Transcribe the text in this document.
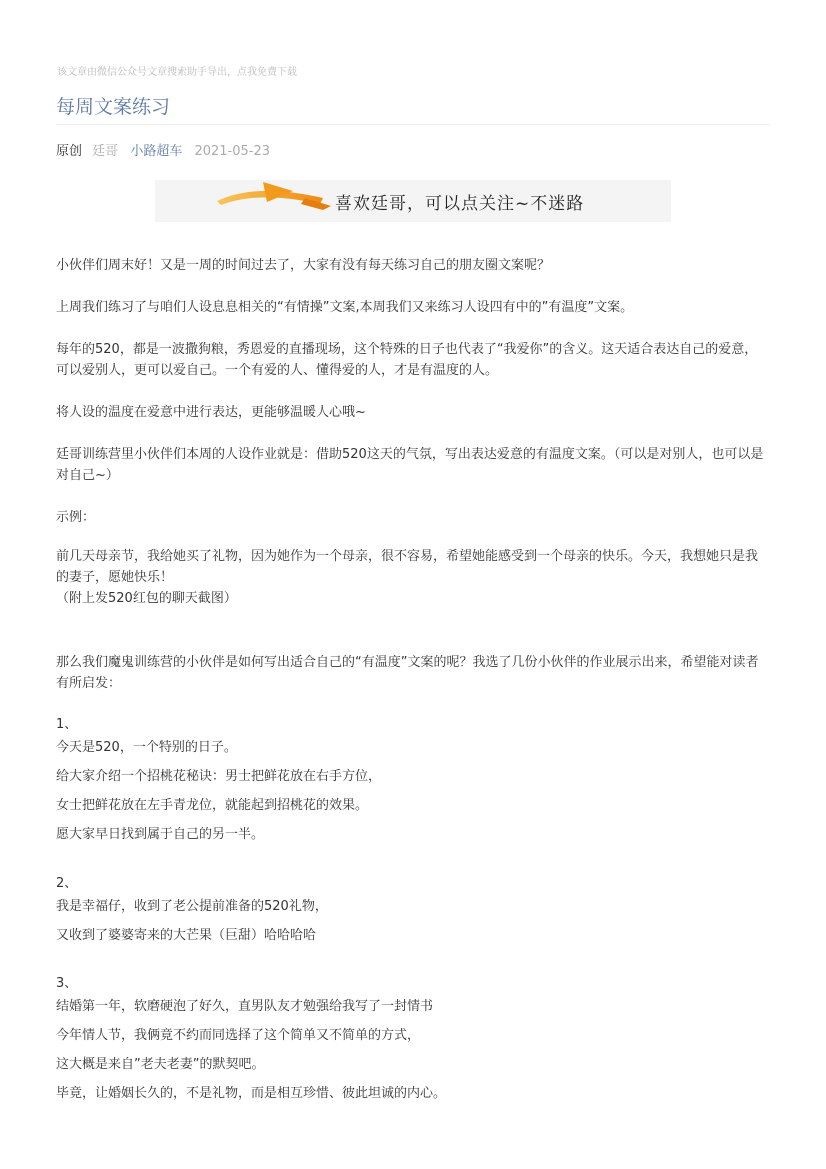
该文章由微信公众号文章搜索助手导出，点我免费下载
每周文案练习
原创 廷哥 小路超车 2021-05-23
喜欢廷哥，可以点关注~不迷路

小伙伴们周末好！又是一周的时间过去了，大家有没有每天练习自己的朋友圈文案呢？

上周我们练习了与咱们人设息息相关的“有情操”文案,本周我们又来练习人设四有中的”有温度”文案。

每年的520，都是一波撒狗粮，秀恩爱的直播现场，这个特殊的日子也代表了“我爱你”的含义。这天适合表达自己的爱意，可以爱别人，更可以爱自己。一个有爱的人、懂得爱的人，才是有温度的人。

将人设的温度在爱意中进行表达，更能够温暖人心哦~

廷哥训练营里小伙伴们本周的人设作业就是：借助520这天的气氛，写出表达爱意的有温度文案。（可以是对别人，也可以是对自己~）

示例：

前几天母亲节，我给她买了礼物，因为她作为一个母亲，很不容易，希望她能感受到一个母亲的快乐。今天，我想她只是我的妻子，愿她快乐！

（附上发520红包的聊天截图）

那么我们魔鬼训练营的小伙伴是如何写出适合自己的“有温度”文案的呢？我选了几份小伙伴的作业展示出来，希望能对读者有所启发：

1、

今天是520，一个特别的日子。

给大家介绍一个招桃花秘诀：男士把鲜花放在右手方位，

女士把鲜花放在左手青龙位，就能起到招桃花的效果。

愿大家早日找到属于自己的另一半。

2、

我是幸福仔，收到了老公提前准备的520礼物，

又收到了婆婆寄来的大芒果（巨甜）哈哈哈哈

3、

结婚第一年，软磨硬泡了好久，直男队友才勉强给我写了一封情书

今年情人节，我俩竟不约而同选择了这个简单又不简单的方式，

这大概是来自”老夫老妻”的默契吧。

毕竟，让婚姻长久的，不是礼物，而是相互珍惜、彼此坦诚的内心。
